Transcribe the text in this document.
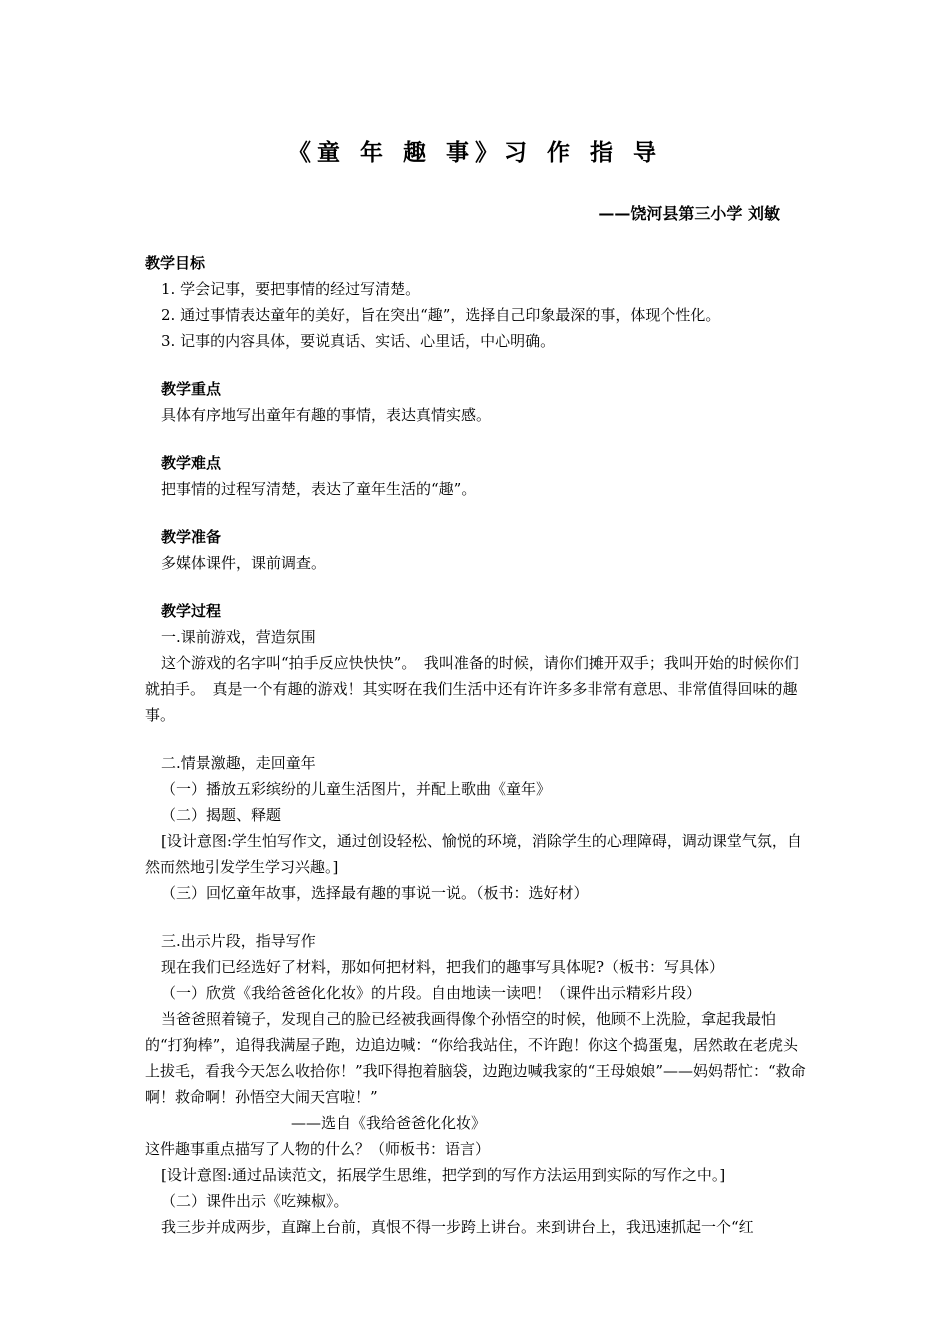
《童 年 趣 事》习 作 指 导
——饶河县第三小学 刘敏

教学目标

1. 学会记事，要把事情的经过写清楚。

2. 通过事情表达童年的美好，旨在突出“趣”，选择自己印象最深的事，体现个性化。

3. 记事的内容具体，要说真话、实话、心里话，中心明确。

教学重点

具体有序地写出童年有趣的事情，表达真情实感。

教学难点

把事情的过程写清楚，表达了童年生活的“趣”。

教学准备

多媒体课件，课前调查。

教学过程

一.课前游戏，营造氛围

这个游戏的名字叫“拍手反应快快快”。　我叫准备的时候，请你们摊开双手；我叫开始的时候你们就拍手。　真是一个有趣的游戏！其实呀在我们生活中还有许许多多非常有意思、非常值得回味的趣事。

二.情景激趣，走回童年

（一）播放五彩缤纷的儿童生活图片，并配上歌曲《童年》

（二）揭题、释题

[设计意图:学生怕写作文，通过创设轻松、愉悦的环境，消除学生的心理障碍，调动课堂气氛，自然而然地引发学生学习兴趣。]

（三）回忆童年故事，选择最有趣的事说一说。（板书：选好材）

三.出示片段，指导写作

现在我们已经选好了材料，那如何把材料，把我们的趣事写具体呢?（板书：写具体）

（一）欣赏《我给爸爸化化妆》的片段。自由地读一读吧！（课件出示精彩片段）

当爸爸照着镜子，发现自己的脸已经被我画得像个孙悟空的时候，他顾不上洗脸，拿起我最怕的“打狗棒”，追得我满屋子跑，边追边喊：“你给我站住，不许跑！你这个捣蛋鬼，居然敢在老虎头上拔毛，看我今天怎么收拾你！”我吓得抱着脑袋，边跑边喊我家的“王母娘娘”——妈妈帮忙：“救命啊！救命啊！孙悟空大闹天宫啦！”

——选自《我给爸爸化化妆》

这件趣事重点描写了人物的什么？（师板书：语言）

[设计意图:通过品读范文，拓展学生思维，把学到的写作方法运用到实际的写作之中。]

（二）课件出示《吃辣椒》。

我三步并成两步，直蹿上台前，真恨不得一步跨上讲台。来到讲台上，我迅速抓起一个“红
